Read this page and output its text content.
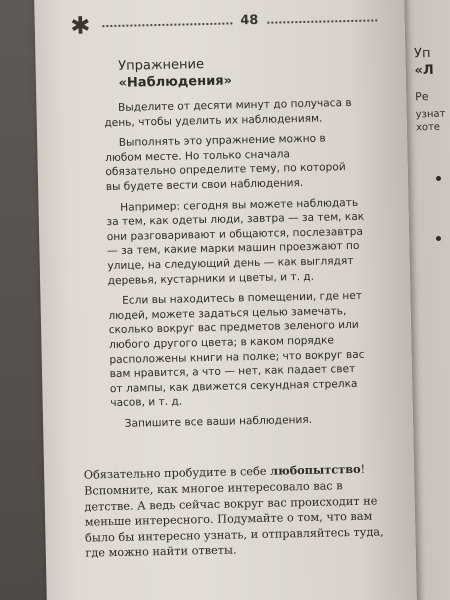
✱	48
Упражнение
«Наблюдения»

Выделите от десяти минут до получаса в день, чтобы уделить их наблюдениям.

Выполнять это упражнение можно в любом месте. Но только сначала обязательно определите тему, по которой вы будете вести свои наблюдения.

Например: сегодня вы можете наблюдать за тем, как одеты люди, завтра — за тем, как они разговаривают и общаются, послезавтра — за тем, какие марки машин проезжают по улице, на следующий день — как выглядят деревья, кустарники и цветы, и т. д.

Если вы находитесь в помещении, где нет людей, можете задаться целью замечать, сколько вокруг вас предметов зеленого или любого другого цвета; в каком порядке расположены книги на полке; что вокруг вас вам нравится, а что — нет, как падает свет от лампы, как движется секундная стрелка часов, и т. д.

Запишите все ваши наблюдения.

Обязательно пробудите в себе любопытство! Вспомните, как многое интересовало вас в детстве. А ведь сейчас вокруг вас происходит не меньше интересного. Подумайте о том, что вам было бы интересно узнать, и отправляйтесь туда, где можно найти ответы.
Уп
«Л
Ре
узнат
хоте
